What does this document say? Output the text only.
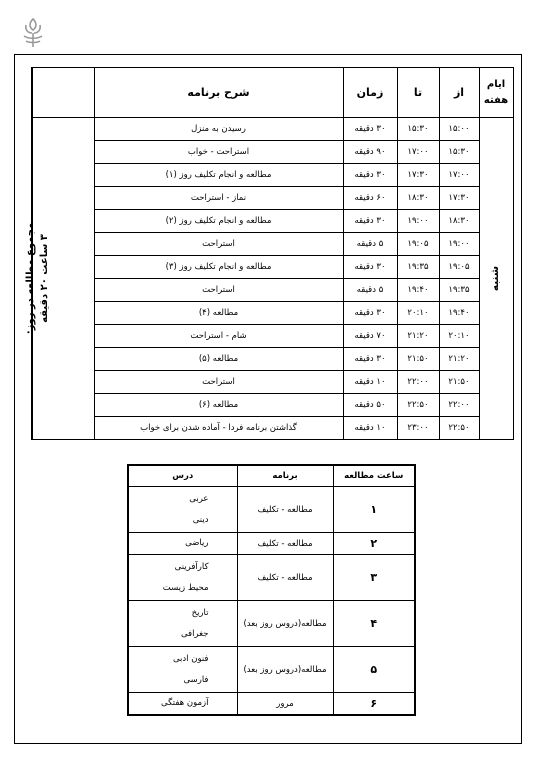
ایام هفته	از	تا	زمان	شرح برنامه	
شنبه	۱۵:۰۰	۱۵:۳۰	۳۰ دقیقه	رسیدن به منزل	مجموع مطالعه در روز: ۳ ساعت ۲۰ دقیقه

	۱۵:۳۰	۱۷:۰۰	۹۰ دقیقه	استراحت - خواب	
	۱۷:۰۰	۱۷:۳۰	۳۰ دقیقه	مطالعه و انجام تکلیف روز (۱)	
	۱۷:۳۰	۱۸:۳۰	۶۰ دقیقه	نماز - استراحت	
	۱۸:۳۰	۱۹:۰۰	۳۰ دقیقه	مطالعه و انجام تکلیف روز (۲)	
	۱۹:۰۰	۱۹:۰۵	۵ دقیقه	استراحت	
	۱۹:۰۵	۱۹:۳۵	۳۰ دقیقه	مطالعه و انجام تکلیف روز (۳)	
	۱۹:۳۵	۱۹:۴۰	۵ دقیقه	استراحت	
	۱۹:۴۰	۲۰:۱۰	۳۰ دقیقه	مطالعه (۴)	
	۲۰:۱۰	۲۱:۲۰	۷۰ دقیقه	شام - استراحت	
	۲۱:۲۰	۲۱:۵۰	۳۰ دقیقه	مطالعه (۵)	
	۲۱:۵۰	۲۲:۰۰	۱۰ دقیقه	استراحت	
	۲۲:۰۰	۲۲:۵۰	۵۰ دقیقه	مطالعه (۶)	
	۲۲:۵۰	۲۳:۰۰	۱۰ دقیقه	گذاشتن برنامه فردا - آماده شدن برای خواب	
ساعت مطالعه	برنامه	درس
۱	مطالعه - تکلیف	عربی
دینی

۲	مطالعه - تکلیف	ریاضی

۳	مطالعه - تکلیف	کارآفرینی
محیط زیست

۴	مطالعه(دروس روز بعد)	تاریخ
جغرافی

۵	مطالعه(دروس روز بعد)	فنون ادبی
فارسی

۶	مرور	آزمون هفتگی
